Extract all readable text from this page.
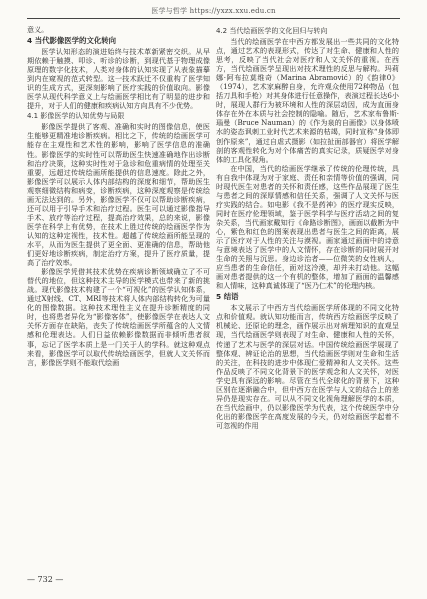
医学与哲学 https://yxzx.xxu.edu.cn

意义。

4 当代影像医学的文化转向

医学认知形态的演进始终与技术革新紧密交织。从早期依赖于触摸、叩诊、听诊的诊断，到现代基于物理成像原理的数字化技术，人类对身体的认知实现了从表象描摹到内在窥视的范式转型。这一技术跃迁不仅重构了医学知识的生成方式，更深刻影响了医疗实践的价值取向。影像医学从现代科学意义上与绘画医学相比有了明显的进步和提升，对于人们的健康和疾病认知方向具有不少优势。

4.1 影像医学的认知优势与局限

影像医学提供了客观、准确和实时的图像信息，使医生能够更精准地诊断疾病。相比之下，传统的绘画医学可能存在主观性和艺术性的影响，影响了医学信息的准确性。影像医学的实时性可以帮助医生快速准确地作出诊断和治疗决策，这种实时性对于急诊和危重病情的处理至关重要，远超过传统绘画所能提供的信息速度。除此之外，影像医学可以展示人体内部结构的深度和细节，帮助医生观察细微结构和病变，诊断疾病，这种深度观察是传统绘画无法达到的。另外，影像医学不仅可以帮助诊断疾病，还可以用于引导手术和治疗过程。医生可以通过影像指导手术、放疗等治疗过程，提高治疗效果，总的来说，影像医学在科学上有优势，在技术上胜过传统的绘画医学作为认知的这种定视性，技术性。超越了传统绘画所能呈现的水平，从而为医生提供了更全面、更准确的信息，帮助他们更好地诊断疾病，制定治疗方案，提升了医疗质量，提高了治疗效率。

影像医学凭借其技术优势在疾病诊断领域确立了不可替代的地位，但这种技术主导的医学模式也带来了新的挑战。现代影像技术构建了一个“可视化”的医学认知体系，通过X射线、CT、MRI等技术将人体内部结构转化为可量化的图像数据。这种技术理性主义在提升诊断精度的同时，也将患者异化为“影像客体”，使影像医学在表达人文关怀方面存在缺陷，丧失了传统绘画医学所蕴含的人文情感和伦理表达。人们日益依赖影像数据而非倾听患者叙事，忘记了医学本质上是一门关于人的学科。就这种观点来看，影像医学可以取代传统绘画医学，但就人文关怀而言，影像医学则不能取代绘画

4.2 当代绘画医学的文化回归与转向

当代的绘画医学在中西方都发展出一些共同的文化特点，通过艺术的表现形式，传达了对生命、健康和人性的思考，反映了当代社会对医疗和人文关怀的重视。在西方，当代绘画医学呈现出对技术理性的反思与解构。玛莉娜·阿布拉莫维奇（Marina Abramović）的《韵律0》（1974），艺术家麻醉自身，允许观众使用72种物品（包括刀具和手枪）对其身体进行任意操作，表演过程长达6小时，展现人群行为被环境和人性的深层动因，成为直面身体存在外在本质与社会控制的隐喻。随后，艺术家布鲁斯·瑙曼（Bruce Nauman）的《作为泉的自画像》以身体喷水的姿态讽刺工业时代艺术来源的枯竭，同时宣称“身体即创作原来”，通过自虐式摄影（如拉扯面部器官）将医学解剖的客观性转化为对个体痛苦的真实记录，质疑医学对身体的工具化视角。

在中国，当代的绘画医学继承了传统的伦理传统，具有自我中体现为对于家庭、责任和亲情等价值的强调，同时现代医生对患者的关怀和责任感，这些作品展现了医生与患者之间的深厚情感和信任关系，强调了人文关怀与医疗实践的结合。如电影《我不是药神》的医疗现实反映，同时在医疗伦理领域，鉴于医学科学与医疗活动之间的复杂关系，当代画家戴知行《命路诊断图》，画面以截断为中心，紫色和红色的图案表现出患者与医生之间的距离，展示了医疗对于人性的关注与漠视。画家通过画面中的诗意与意境表达了医学中的人文情怀，存在诊断的同时展开对生命的关照与沉思。身边诊治者——位微笑的女性病人，应当患者的生命信任，面对这冷漠，却并未打动他。这幅画对患者提供的这一个有机的整体，增加了画面的温馨感和人情味，这种真诚体现了“医乃仁术”的伦理内核。

5 结语

本文展示了中西方当代绘画医学所体现的不同文化特点和价值观。就认知功能而言，传统西方绘画医学反映了机械论、还原论的理念，画作展示出对病理知识的直观呈现，当代绘画医学则表现了对生命、健康和人性的关怀，传递了艺术与医学的深层对话。中国传统绘画医学展现了整体观、辨证论治的思想，当代绘画医学则对生命和生活的关注，在科技的进步中体现仁爱精神和人文关怀。这些作品反映了不同文化背景下的医学观念和人文关怀，对医学史具有深远的影响。尽管在当代全球化的背景下，这种区别在逐渐融合中，但中西方在医学与人文的结合上的差异仍是现实存在。可以从不同文化视角理解医学的本质，在当代绘画中，仍以影像医学为代表，这个传统医学中分化出的影像医学在高度发展的今天，仍对绘画医学起着不可忽视的作用

— 732 —
